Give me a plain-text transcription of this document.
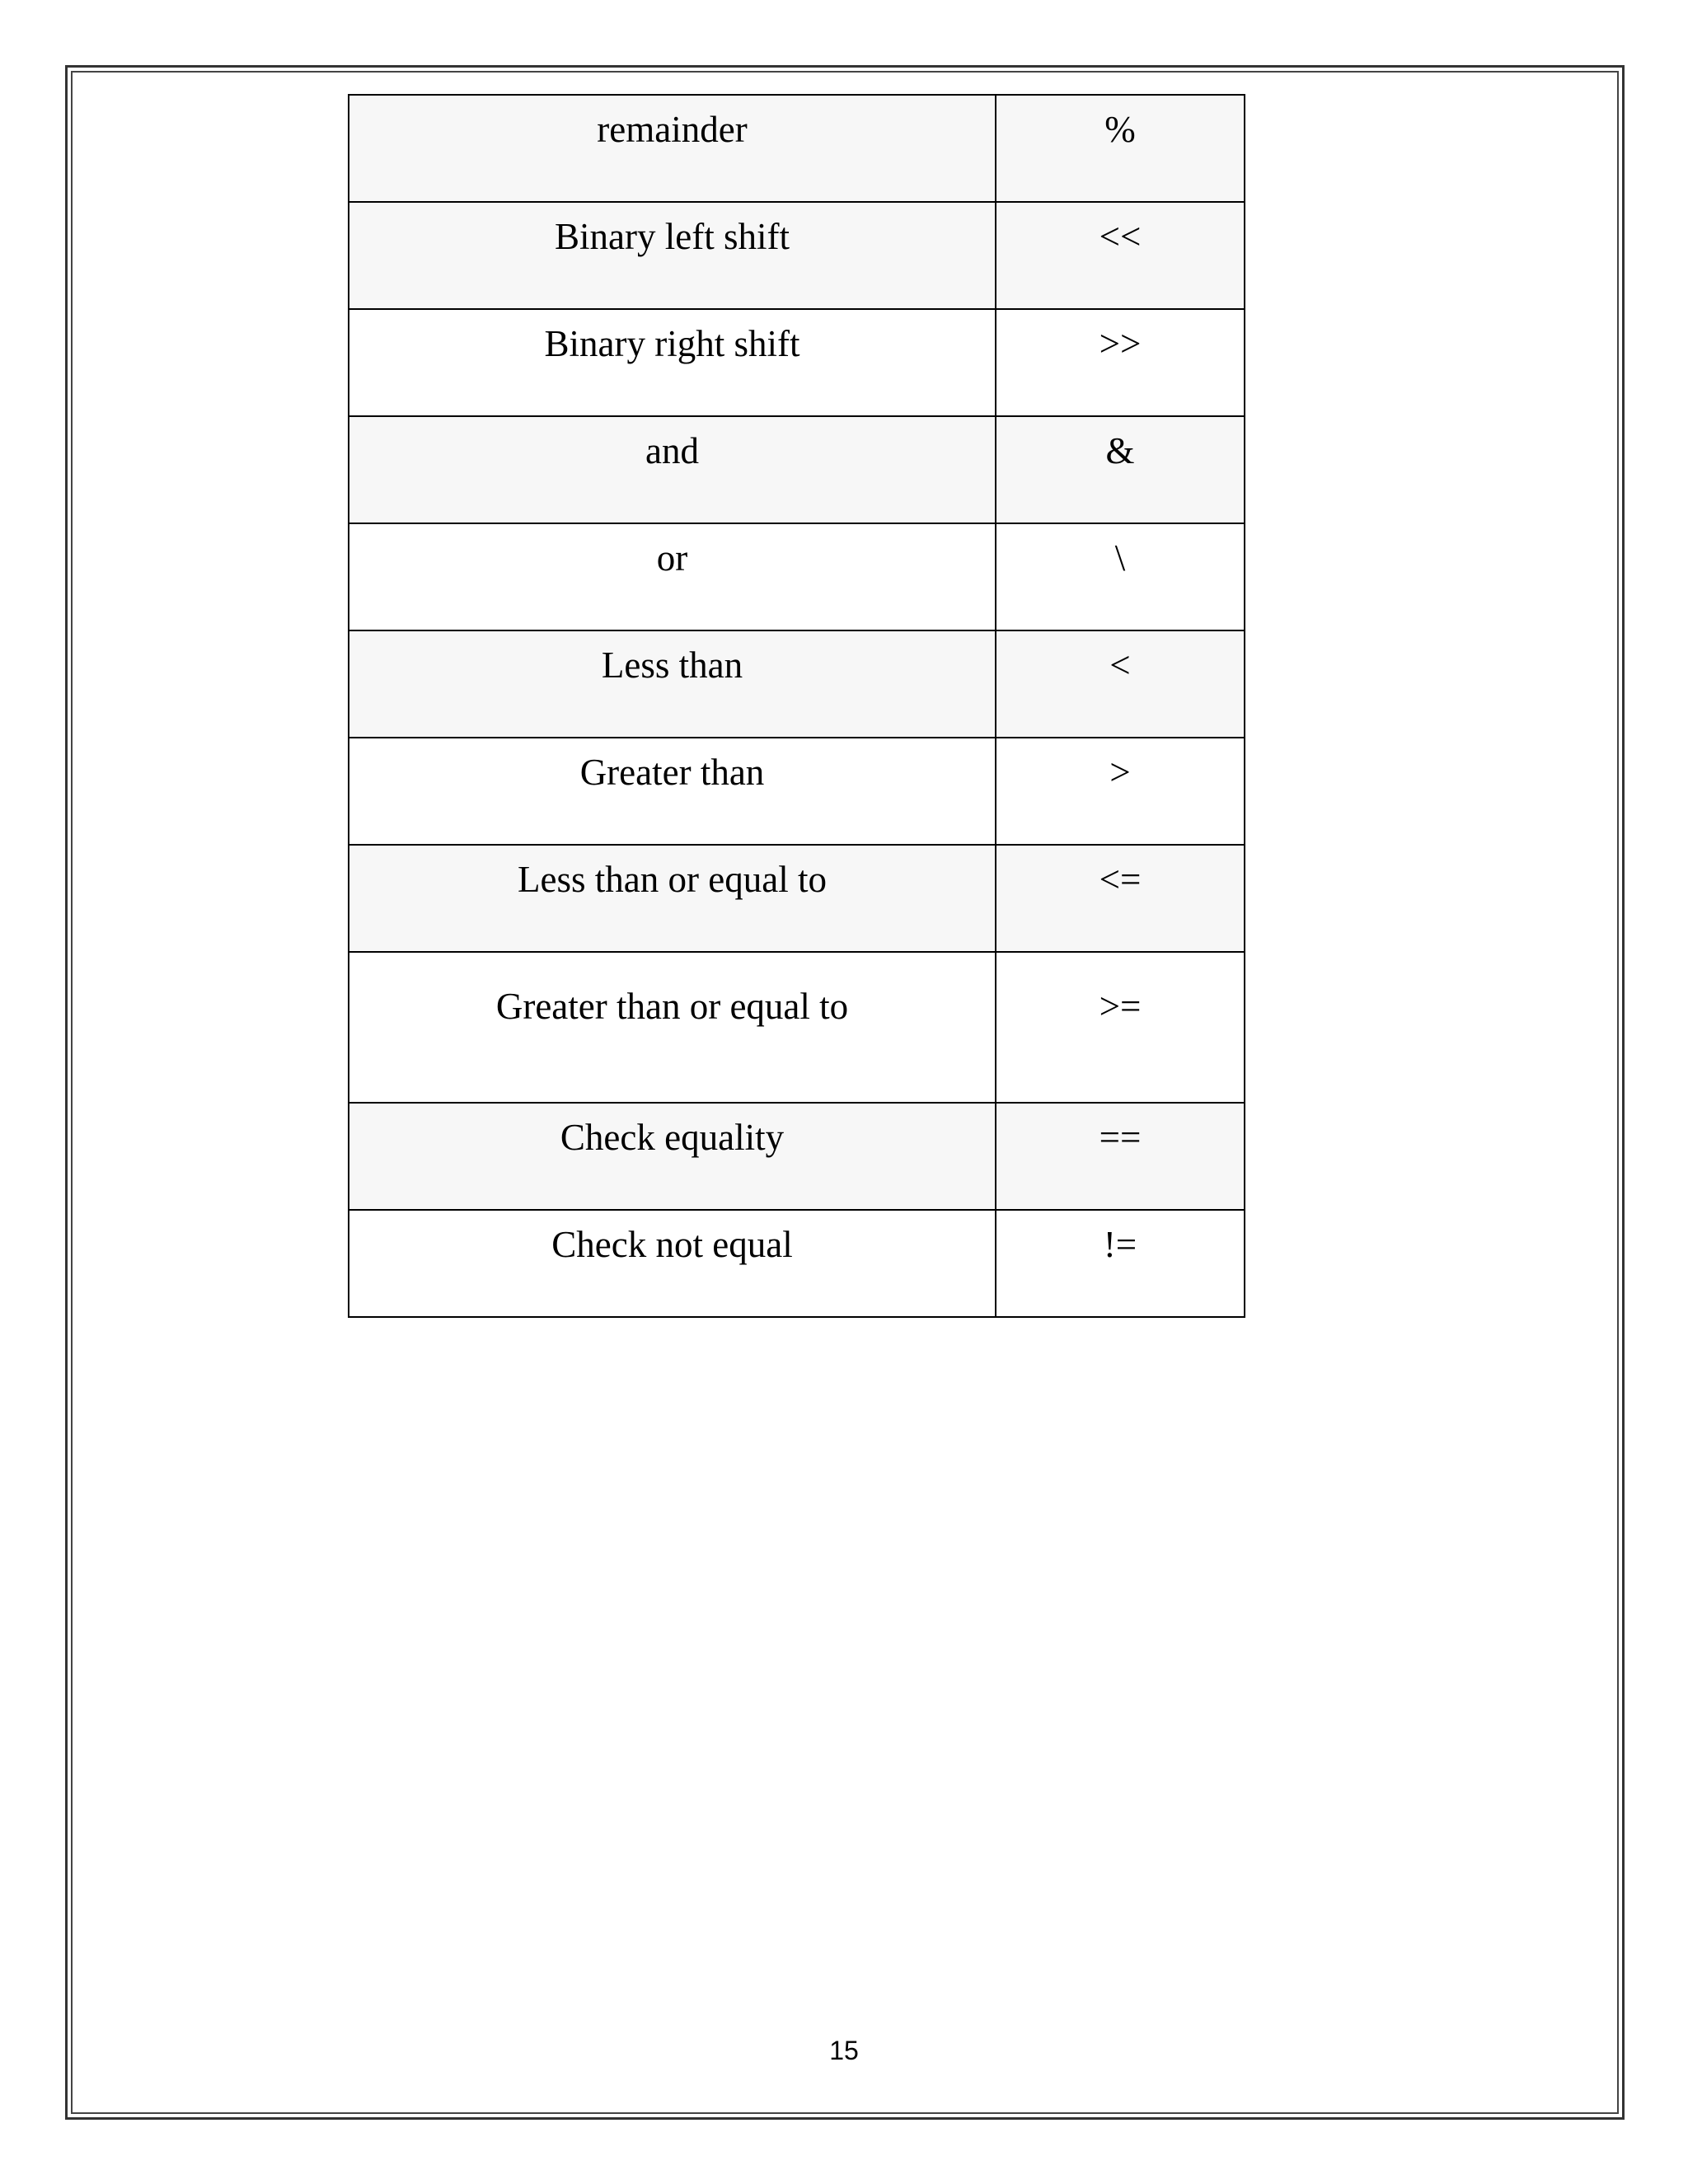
remainder	%
Binary left shift	<<
Binary right shift	>>
and	&
or	\
Less than	<
Greater than	>
Less than or equal to	<=
Greater than or equal to	>=
Check equality	==
Check not equal	!=
15
